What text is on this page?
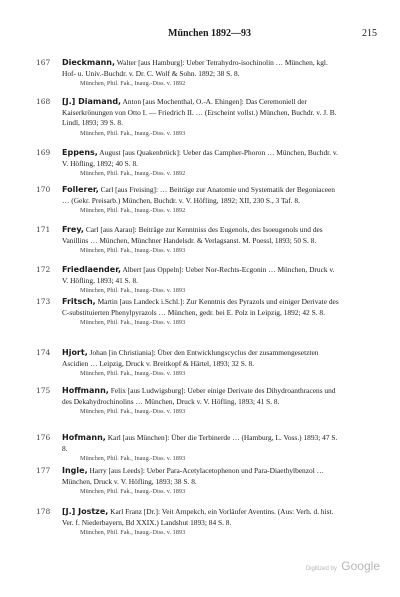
München 1892—93	215
167 Dieckmann, Walter [aus Hamburg]: Ueber Tetrahydro-isochinolin … München, kgl. Hof- u. Univ.-Buchdr. v. Dr. C. Wolf & Sohn. 1892; 38 S. 8.
München, Phil. Fak., Inaug.-Diss. v. 1892
168 [J.] Diamand, Anton [aus Mochenthal, O.-A. Ehingen]: Das Ceremoniell der Kaiserkrönungen von Otto I. — Friedrich II. … (Erscheint vollst.) München, Buchdr. v. J. B. Lindl, 1893; 39 S. 8.
München, Phil. Fak., Inaug.-Diss. v. 1893
169 Eppens, August [aus Quakenbrück]: Ueber das Campher-Phoron … München, Buchdr. v. V. Höfling, 1892; 40 S. 8.
München, Phil. Fak., Inaug.-Diss. v. 1892
170 Follerer, Carl [aus Freising]: … Beiträge zur Anatomie und Systematik der Begoniaceen … (Gekr. Preisarb.) München, Buchdr. v. V. Höfling, 1892; XII, 230 S., 3 Taf. 8.
München, Phil. Fak., Inaug.-Diss. v. 1892
171 Frey, Carl [aus Aarau]: Beiträge zur Kenntniss des Eugenols, des Isoeugenols und des Vanillins … München, Münchner Handelsdr. & Verlagsanst. M. Poessl, 1893; 50 S. 8.
München, Phil. Fak., Inaug.-Diss. v. 1893
172 Friedlaender, Albert [aus Oppeln]: Ueber Nor-Rechts-Ecgonin … München, Druck v. V. Höfling, 1893; 41 S. 8.
München, Phil. Fak., Inaug.-Diss. v. 1893
173 Fritsch, Martin [aus Landeck i.Schl.]: Zur Kenntnis des Pyrazols und einiger Derivate des C-substituierten Phenylpyrazols … München, gedr. bei E. Polz in Leipzig, 1892; 42 S. 8.
München, Phil. Fak., Inaug.-Diss. v. 1893
174 Hjort, Johan [in Christiania]: Über den Entwicklungscyclus der zusammengesetzten Ascidien … Leipzig, Druck v. Breitkopf & Härtel, 1893; 32 S. 8.
München, Phil. Fak., Inaug.-Diss. v. 1893
175 Hoffmann, Felix [aus Ludwigsburg]: Ueber einige Derivate des Dihydroanthracens und des Dekahydrochinolins … München, Druck v. V. Höfling, 1893; 41 S. 8.
München, Phil. Fak., Inaug.-Diss. v. 1893
176 Hofmann, Karl [aus München]: Über die Terbinerde … (Hamburg, L. Voss.) 1893; 47 S. 8.
München, Phil. Fak., Inaug.-Diss. v. 1893
177 Ingle, Harry [aus Leeds]: Ueber Para-Acetylacetophenon und Para-Diaethylbenzol … München, Druck v. V. Höfling, 1893; 38 S. 8.
München, Phil. Fak., Inaug.-Diss. v. 1893
178 [J.] Jostze, Karl Franz [Dr.]: Veit Arnpekch, ein Vorläufer Aventins. (Aus: Verh. d. hist. Ver. f. Niederbayern, Bd XXIX.) Landshut 1893; 84 S. 8.
München, Phil. Fak., Inaug.-Diss. v. 1893
Digitized by Google
